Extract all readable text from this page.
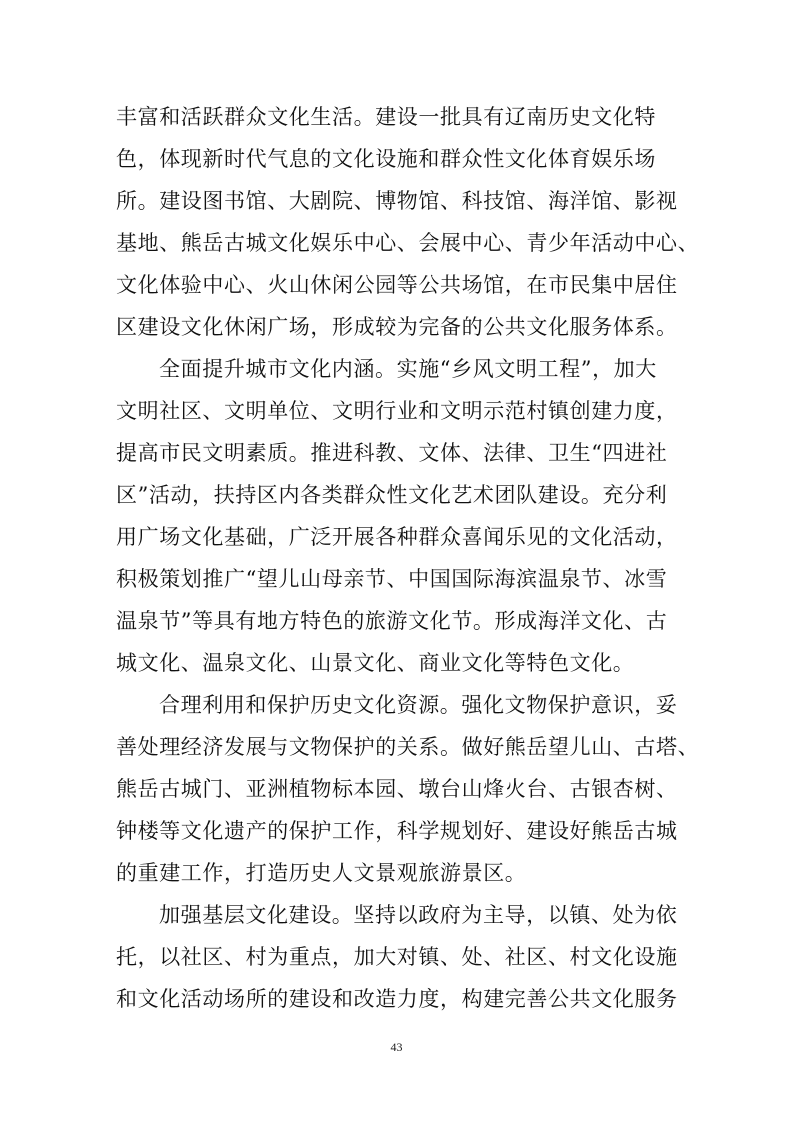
丰富和活跃群众文化生活。建设一批具有辽南历史文化特
色，体现新时代气息的文化设施和群众性文化体育娱乐场
所。建设图书馆、大剧院、博物馆、科技馆、海洋馆、影视
基地、熊岳古城文化娱乐中心、会展中心、青少年活动中心、
文化体验中心、火山休闲公园等公共场馆，在市民集中居住
区建设文化休闲广场，形成较为完备的公共文化服务体系。
全面提升城市文化内涵。实施“乡风文明工程”，加大
文明社区、文明单位、文明行业和文明示范村镇创建力度，
提高市民文明素质。推进科教、文体、法律、卫生“四进社
区”活动，扶持区内各类群众性文化艺术团队建设。充分利
用广场文化基础，广泛开展各种群众喜闻乐见的文化活动，
积极策划推广“望儿山母亲节、中国国际海滨温泉节、冰雪
温泉节”等具有地方特色的旅游文化节。形成海洋文化、古
城文化、温泉文化、山景文化、商业文化等特色文化。
合理利用和保护历史文化资源。强化文物保护意识，妥
善处理经济发展与文物保护的关系。做好熊岳望儿山、古塔、
熊岳古城门、亚洲植物标本园、墩台山烽火台、古银杏树、
钟楼等文化遗产的保护工作，科学规划好、建设好熊岳古城
的重建工作，打造历史人文景观旅游景区。
加强基层文化建设。坚持以政府为主导，以镇、处为依
托，以社区、村为重点，加大对镇、处、社区、村文化设施
和文化活动场所的建设和改造力度，构建完善公共文化服务
43
